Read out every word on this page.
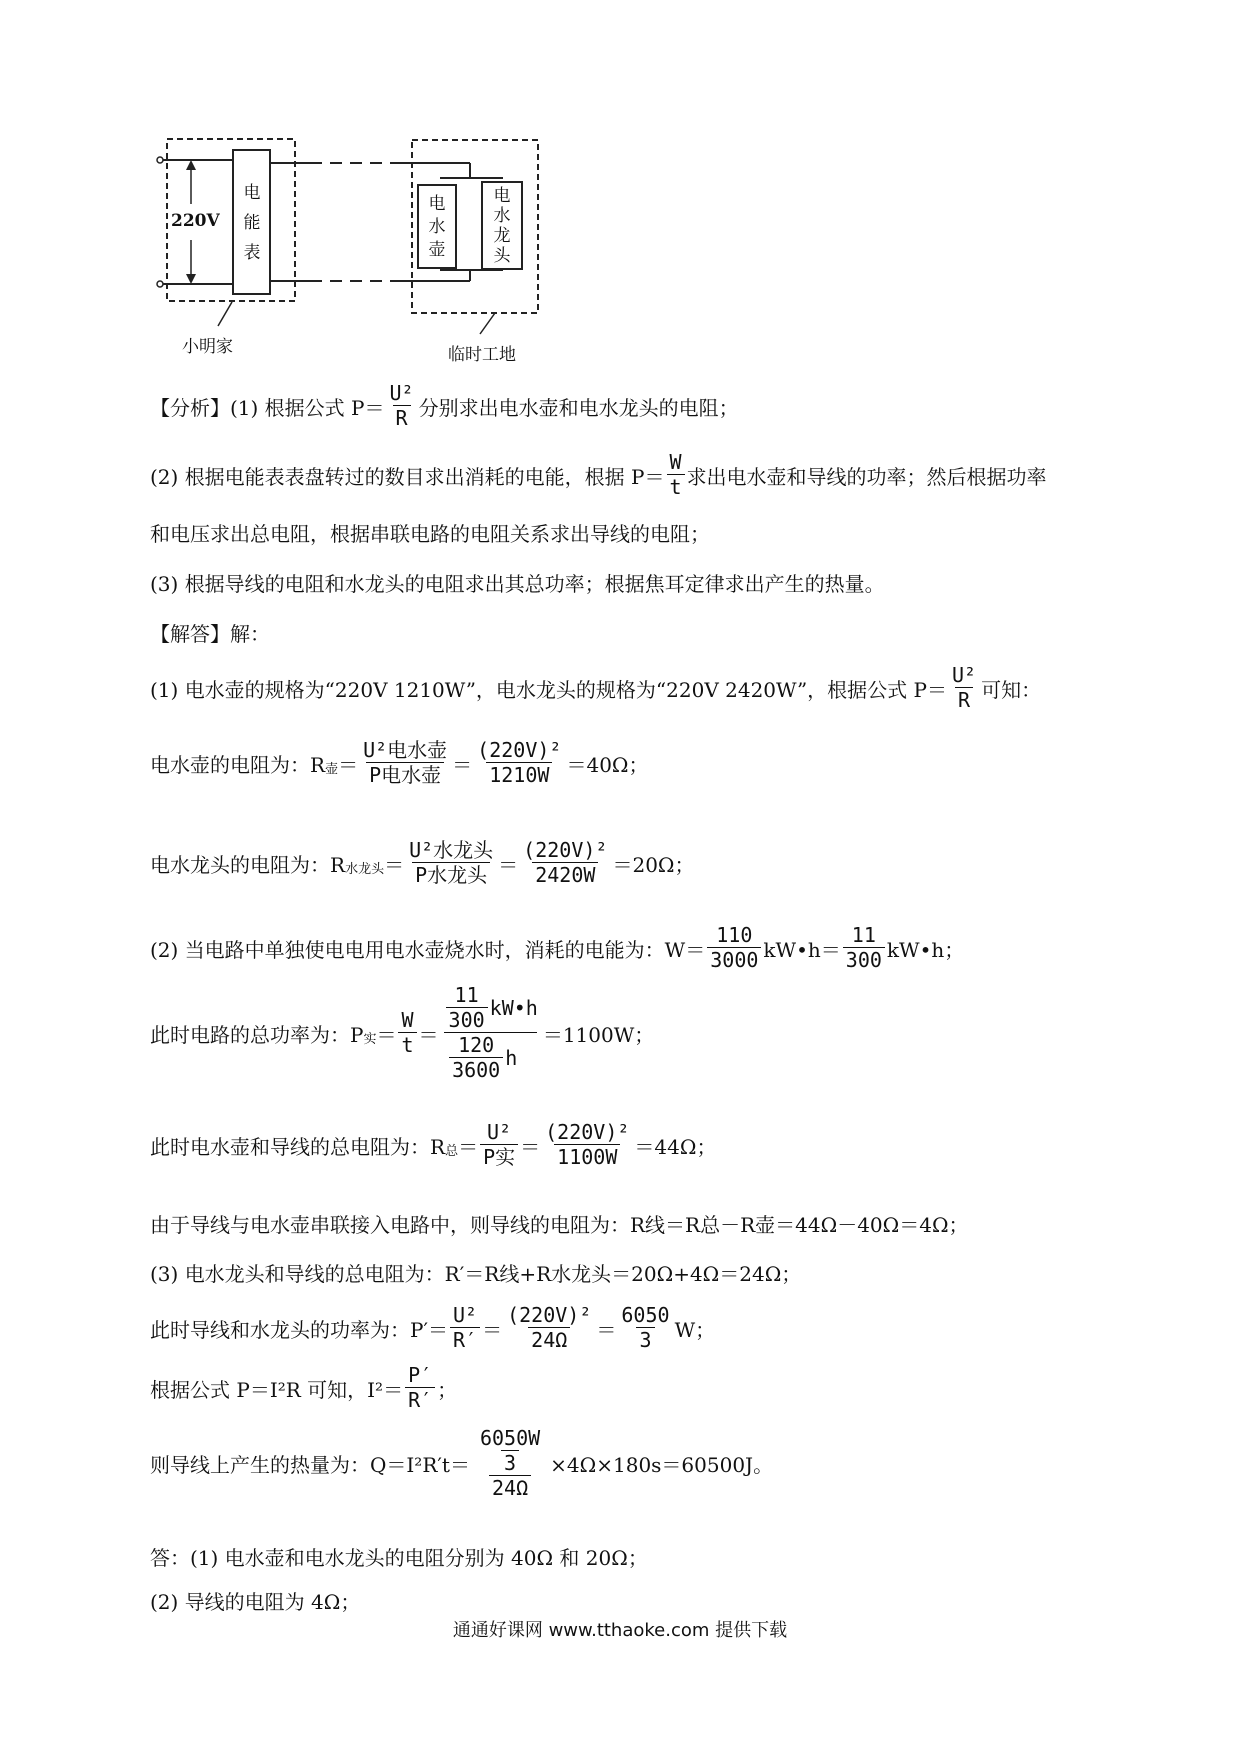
220V
电
能
表
电
水
壶
电
水
龙
头
小明家	临时工地
【分析】(1) 根据公式 $P= \frac{\text{U²}}{R}$ 分别求出电水壶和电水龙头的电阻；
(2) 根据电能表表盘转过的数目求出消耗的电能，根据 $P= \frac{W}{t}$ 求出电水壶和导线的功率；然后根据功率
和电压求出总电阻，根据串联电路的电阻关系求出导线的电阻；
(3) 根据导线的电阻和水龙头的电阻求出其总功率；根据焦耳定律求出产生的热量。
【解答】解：
(1) 电水壶的规格为“220V 1210W”，电水龙头的规格为“220V 2420W”，根据公式 $P= \frac{\text{U²}}{R}$ 可知：
电水壶的电阻为：R 壶 ＝ $\frac{\text{U²电水壶}}{\text{P电水壶}} = \frac{\text{(220V)²}}{1210W} =40\Omega$；
电水龙头的电阻为：R 水龙头 ＝ $\frac{\text{U²水龙头}}{\text{P水龙头}} = \frac{\text{(220V)²}}{2420W} =20\Omega$；
(2) 当电路中单独使电电用电水壶烧水时，消耗的电能为：$W= \frac{110}{3000}$ kW•h＝ $\frac{11}{300}$ kW•h；
此时电路的总功率为：P 实 ＝ $\frac{W}{t} = \frac{\frac{11}{300} kW•h}{\frac{120}{3600} h} =1100W$；
此时电水壶和导线的总电阻为：R 总 ＝ $\frac{\text{U²}}{\text{P实}} = \frac{\text{(220V)²}}{1100W} =44\Omega$；
由于导线与电水壶串联接入电路中，则导线的电阻为：R线＝R总－R壶＝44Ω－40Ω＝4Ω；
(3) 电水龙头和导线的总电阻为：R′＝R线+R水龙头＝20Ω+4Ω＝24Ω；
此时导线和水龙头的功率为：$P'= \frac{\text{U²}}{R'} = \frac{\text{(220V)²}}{24\Omega} = \frac{6050}{3}$ W；
根据公式 P＝I²R 可知，$I^2= \frac{P'}{R'}$ ；
则导线上产生的热量为：$Q=I^2R't= \frac{\frac{6050W}{3}}{24\Omega} \times 4\Omega\times 180s=60500J$。
答：(1) 电水壶和电水龙头的电阻分别为 40Ω 和 20Ω；
(2) 导线的电阻为 4Ω；
通通好课网 www.tthaoke.com 提供下载
